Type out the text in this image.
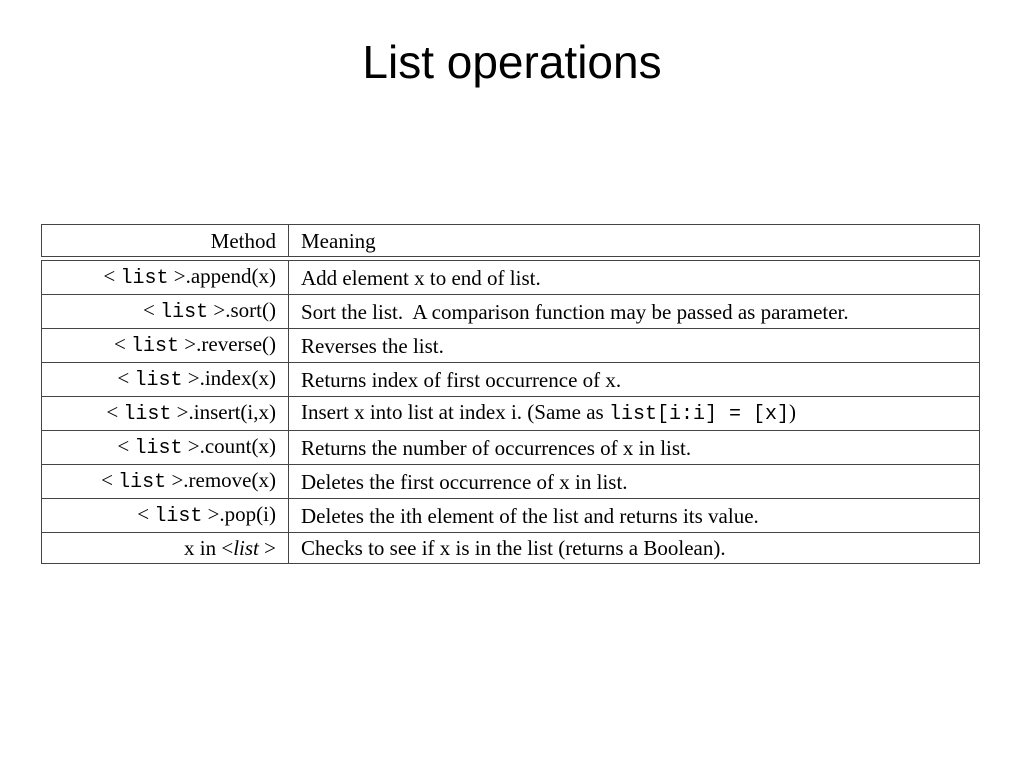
List operations
Method	Meaning

< list >.append(x)	Add element x to end of list.
< list >.sort()	Sort the list.  A comparison function may be passed as parameter.
< list >.reverse()	Reverses the list.
< list >.index(x)	Returns index of first occurrence of x.
< list >.insert(i,x)	Insert x into list at index i. (Same as list[i:i] = [x])
< list >.count(x)	Returns the number of occurrences of x in list.
< list >.remove(x)	Deletes the first occurrence of x in list.
< list >.pop(i)	Deletes the ith element of the list and returns its value.
x in <list >	Checks to see if x is in the list (returns a Boolean).
